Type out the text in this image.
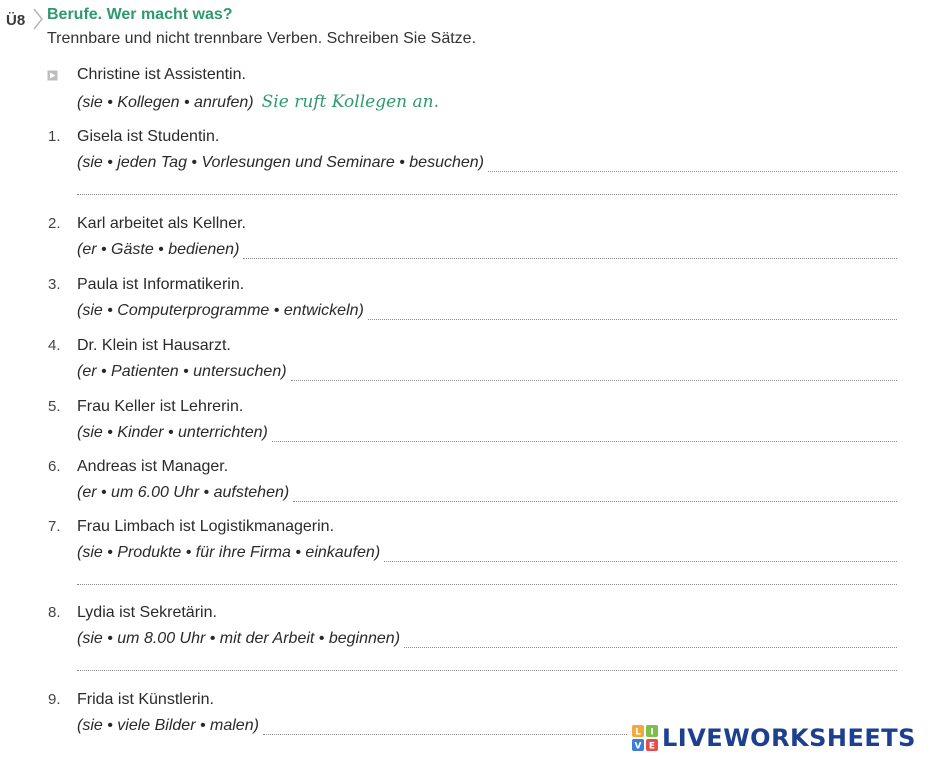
Ü8 Berufe. Wer macht was?
Trennbare und nicht trennbare Verben. Schreiben Sie Sätze.
Christine ist Assistentin.
(sie • Kollegen • anrufen) Sie ruft Kollegen an.
1. Gisela ist Studentin.
(sie • jeden Tag • Vorlesungen und Seminare • besuchen)
2. Karl arbeitet als Kellner.
(er • Gäste • bedienen)
3. Paula ist Informatikerin.
(sie • Computerprogramme • entwickeln)
4. Dr. Klein ist Hausarzt.
(er • Patienten • untersuchen)
5. Frau Keller ist Lehrerin.
(sie • Kinder • unterrichten)
6. Andreas ist Manager.
(er • um 6.00 Uhr • aufstehen)
7. Frau Limbach ist Logistikmanagerin.
(sie • Produkte • für ihre Firma • einkaufen)
8. Lydia ist Sekretärin.
(sie • um 8.00 Uhr • mit der Arbeit • beginnen)
9. Frida ist Künstlerin.
(sie • viele Bilder • malen)	L I
V E LIVEWORKSHEETS
